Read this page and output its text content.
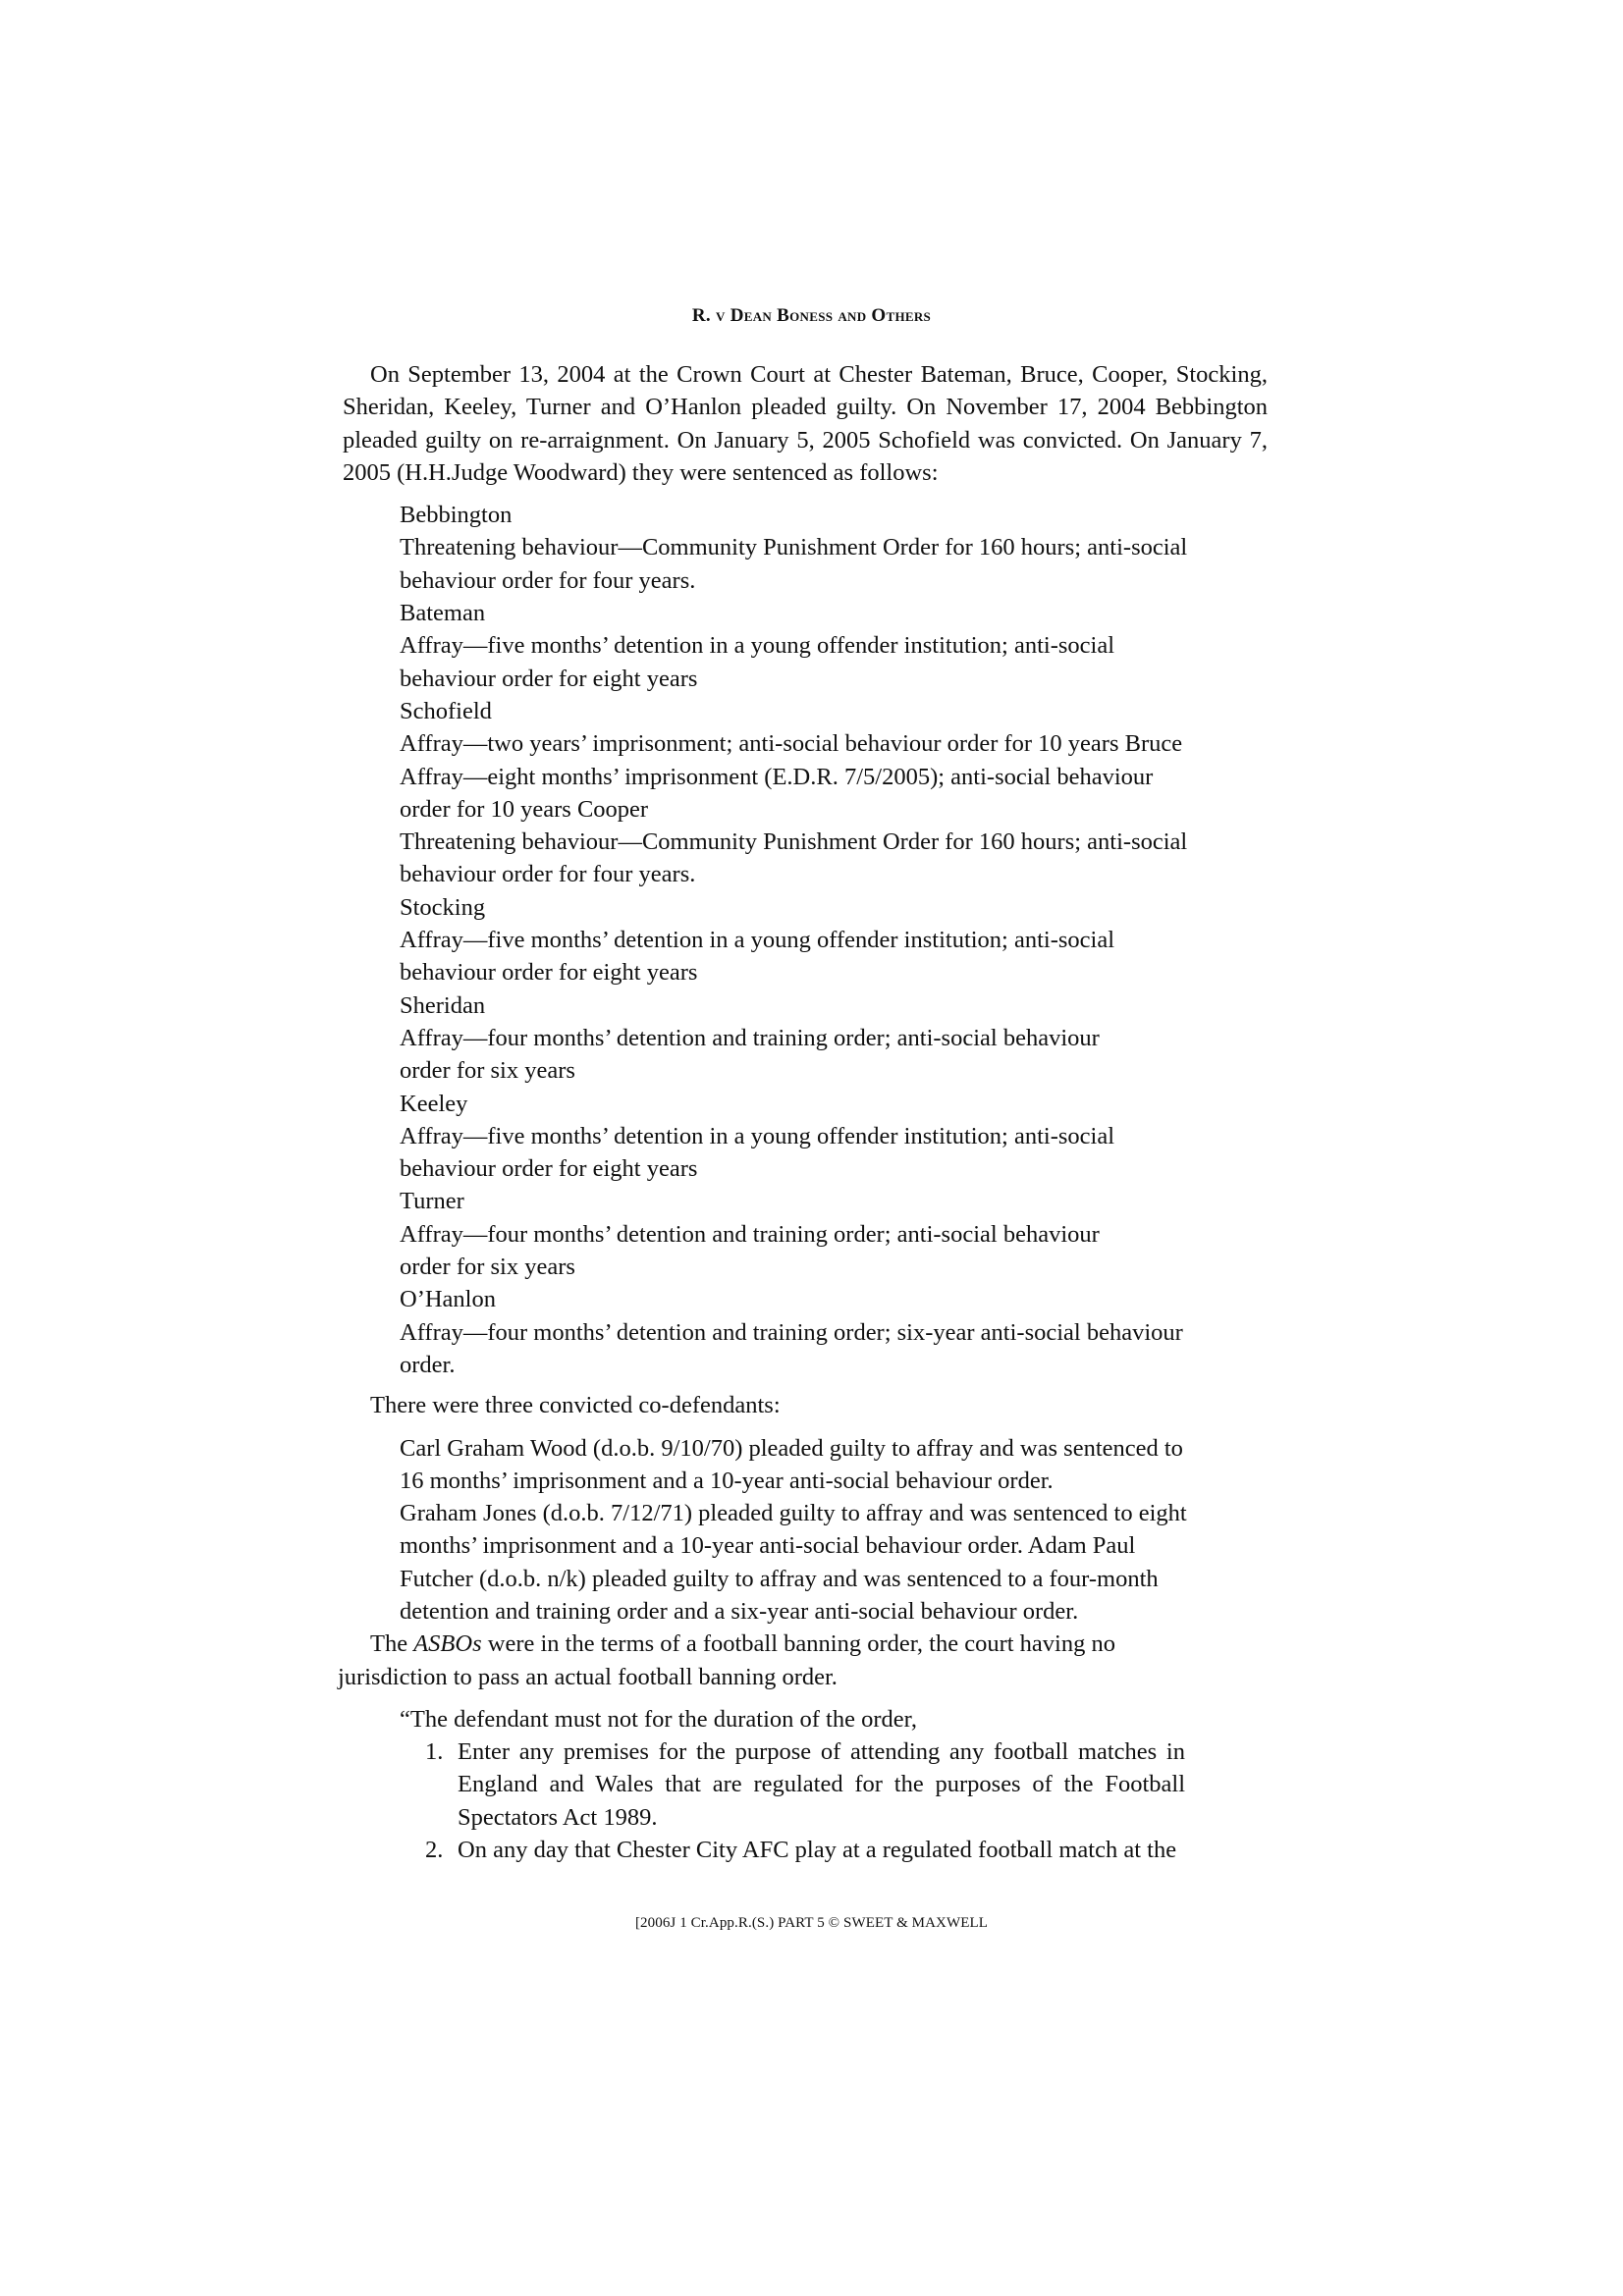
R. v Dean Boness and Others

On September 13, 2004 at the Crown Court at Chester Bateman, Bruce, Cooper, Stocking, Sheridan, Keeley, Turner and O’Hanlon pleaded guilty. On November 17, 2004 Bebbington pleaded guilty on re-arraignment. On January 5, 2005 Schofield was convicted. On January 7, 2005 (H.H.Judge Woodward) they were sentenced as follows:

Bebbington
Threatening behaviour—Community Punishment Order for 160 hours; anti-social
behaviour order for four years.
Bateman
Affray—five months’ detention in a young offender institution; anti-social
behaviour order for eight years
Schofield
Affray—two years’ imprisonment; anti-social behaviour order for 10 years Bruce
Affray—eight months’ imprisonment (E.D.R. 7/5/2005); anti-social behaviour
order for 10 years Cooper
Threatening behaviour—Community Punishment Order for 160 hours; anti-social
behaviour order for four years.
Stocking
Affray—five months’ detention in a young offender institution; anti-social
behaviour order for eight years
Sheridan
Affray—four months’ detention and training order; anti-social behaviour
order for six years
Keeley
Affray—five months’ detention in a young offender institution; anti-social
behaviour order for eight years
Turner
Affray—four months’ detention and training order; anti-social behaviour
order for six years
O’Hanlon
Affray—four months’ detention and training order; six-year anti-social behaviour
order.
There were three convicted co-defendants:
Carl Graham Wood (d.o.b. 9/10/70) pleaded guilty to affray and was sentenced to
16 months’ imprisonment and a 10-year anti-social behaviour order.
Graham Jones (d.o.b. 7/12/71) pleaded guilty to affray and was sentenced to eight
months’ imprisonment and a 10-year anti-social behaviour order. Adam Paul
Futcher (d.o.b. n/k) pleaded guilty to affray and was sentenced to a four-month
detention and training order and a six-year anti-social behaviour order.
The ASBOs were in the terms of a football banning order, the court having no
jurisdiction to pass an actual football banning order.
“The defendant must not for the duration of the order,
1. Enter any premises for the purpose of attending any football matches in England and Wales that are regulated for the purposes of the Football Spectators Act 1989.
2. On any day that Chester City AFC play at a regulated football match at the
[2006J 1 Cr.App.R.(S.) PART 5 © SWEET & MAXWELL
